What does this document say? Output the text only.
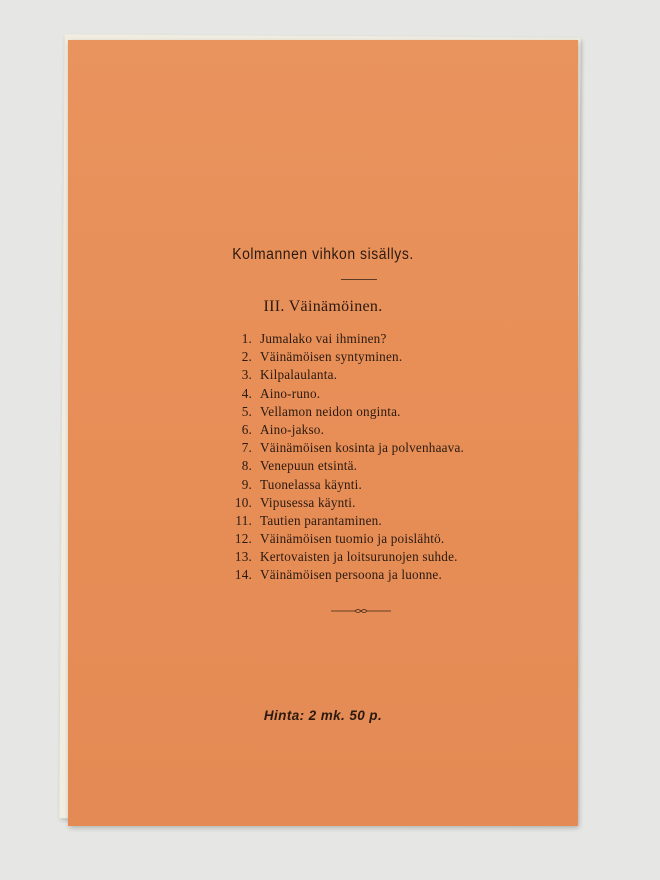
Kolmannen vihkon sisällys.
III. Väinämöinen.
1. Jumalako vai ihminen?
2. Väinämöisen syntyminen.
3. Kilpalaulanta.
4. Aino-runo.
5. Vellamon neidon onginta.
6. Aino-jakso.
7. Väinämöisen kosinta ja polvenhaava.
8. Venepuun etsintä.
9. Tuonelassa käynti.
10. Vipusessa käynti.
11. Tautien parantaminen.
12. Väinämöisen tuomio ja poislähtö.
13. Kertovaisten ja loitsurunojen suhde.
14. Väinämöisen persoona ja luonne.
Hinta: 2 mk. 50 p.
